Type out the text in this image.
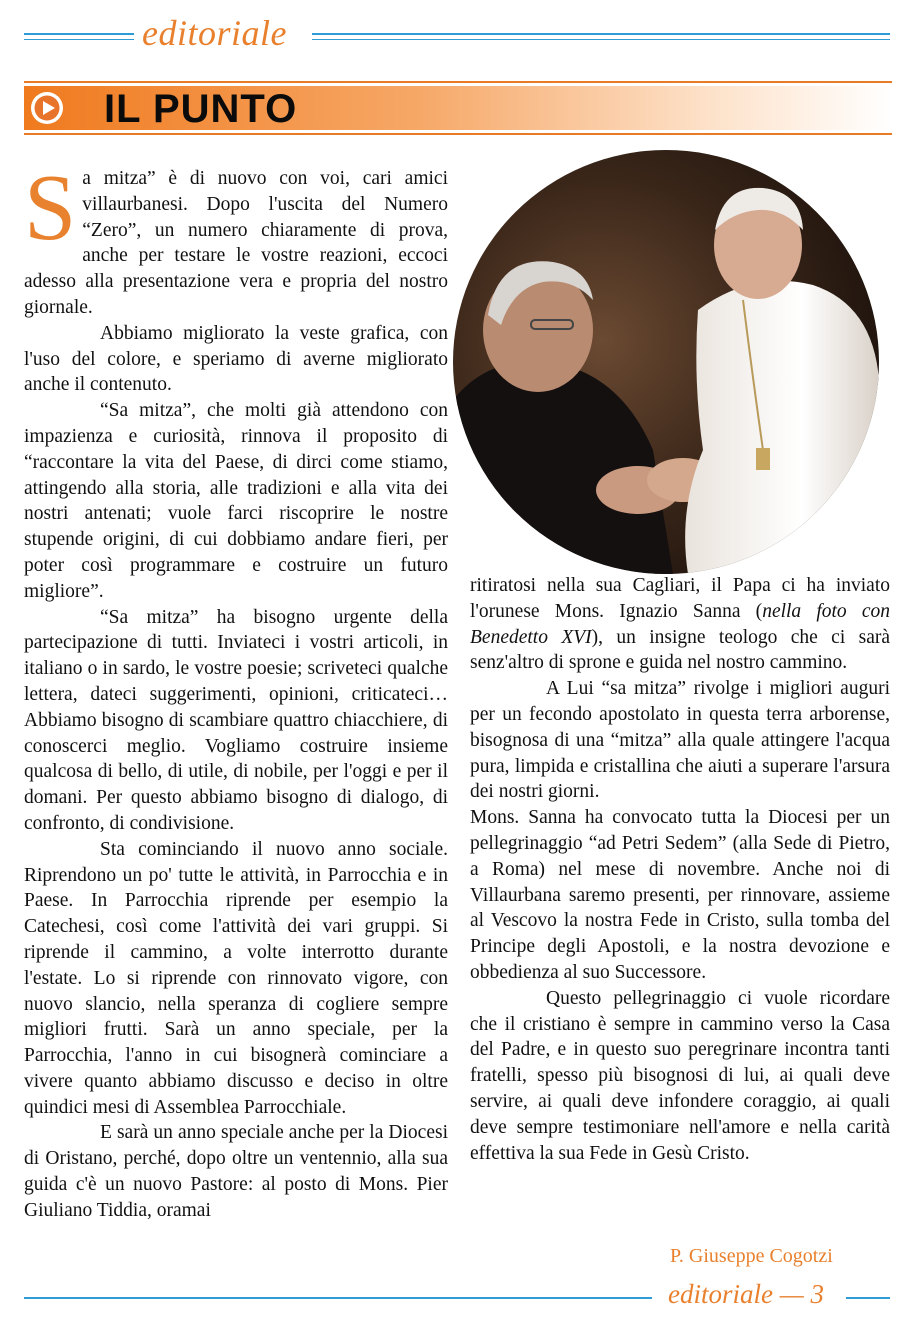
editoriale
IL PUNTO

Sa mitza” è di nuovo con voi, cari amici villaurbanesi. Dopo l'uscita del Numero “Zero”, un numero chiaramente di prova, anche per testare le vostre reazioni, eccoci adesso alla presentazione vera e propria del nostro giornale.

Abbiamo migliorato la veste grafica, con l'uso del colore, e speriamo di averne migliorato anche il contenuto.

“Sa mitza”, che molti già attendono con impazienza e curiosità, rinnova il proposito di “raccontare la vita del Paese, di dirci come stiamo, attingendo alla storia, alle tradizioni e alla vita dei nostri antenati; vuole farci riscoprire le nostre stupende origini, di cui dobbiamo andare fieri, per poter così programmare e costruire un futuro migliore”.

“Sa mitza” ha bisogno urgente della partecipazione di tutti. Inviateci i vostri articoli, in italiano o in sardo, le vostre poesie; scriveteci qualche lettera, dateci suggerimenti, opinioni, criticateci… Abbiamo bisogno di scambiare quattro chiacchiere, di conoscerci meglio. Vogliamo costruire insieme qualcosa di bello, di utile, di nobile, per l'oggi e per il domani. Per questo abbiamo bisogno di dialogo, di confronto, di condivisione.

Sta cominciando il nuovo anno sociale. Riprendono un po' tutte le attività, in Parrocchia e in Paese. In Parrocchia riprende per esempio la Catechesi, così come l'attività dei vari gruppi. Si riprende il cammino, a volte interrotto durante l'estate. Lo si riprende con rinnovato vigore, con nuovo slancio, nella speranza di cogliere sempre migliori frutti. Sarà un anno speciale, per la Parrocchia, l'anno in cui bisognerà cominciare a vivere quanto abbiamo discusso e deciso in oltre quindici mesi di Assemblea Parrocchiale.

E sarà un anno speciale anche per la Diocesi di Oristano, perché, dopo oltre un ventennio, alla sua guida c'è un nuovo Pastore: al posto di Mons. Pier Giuliano Tiddia, oramai

ritiratosi nella sua Cagliari, il Papa ci ha inviato l'orunese Mons. Ignazio Sanna (nella foto con Benedetto XVI), un insigne teologo che ci sarà senz'altro di sprone e guida nel nostro cammino.

A Lui “sa mitza” rivolge i migliori auguri per un fecondo apostolato in questa terra arborense, bisognosa di una “mitza” alla quale attingere l'acqua pura, limpida e cristallina che aiuti a superare l'arsura dei nostri giorni.

Mons. Sanna ha convocato tutta la Diocesi per un pellegrinaggio “ad Petri Sedem” (alla Sede di Pietro, a Roma) nel mese di novembre. Anche noi di Villaurbana saremo presenti, per rinnovare, assieme al Vescovo la nostra Fede in Cristo, sulla tomba del Principe degli Apostoli, e la nostra devozione e obbedienza al suo Successore.

Questo pellegrinaggio ci vuole ricordare che il cristiano è sempre in cammino verso la Casa del Padre, e in questo suo peregrinare incontra tanti fratelli, spesso più bisognosi di lui, ai quali deve servire, ai quali deve infondere coraggio, ai quali deve sempre testimoniare nell'amore e nella carità effettiva la sua Fede in Gesù Cristo.

P. Giuseppe Cogotzi
editoriale — 3
